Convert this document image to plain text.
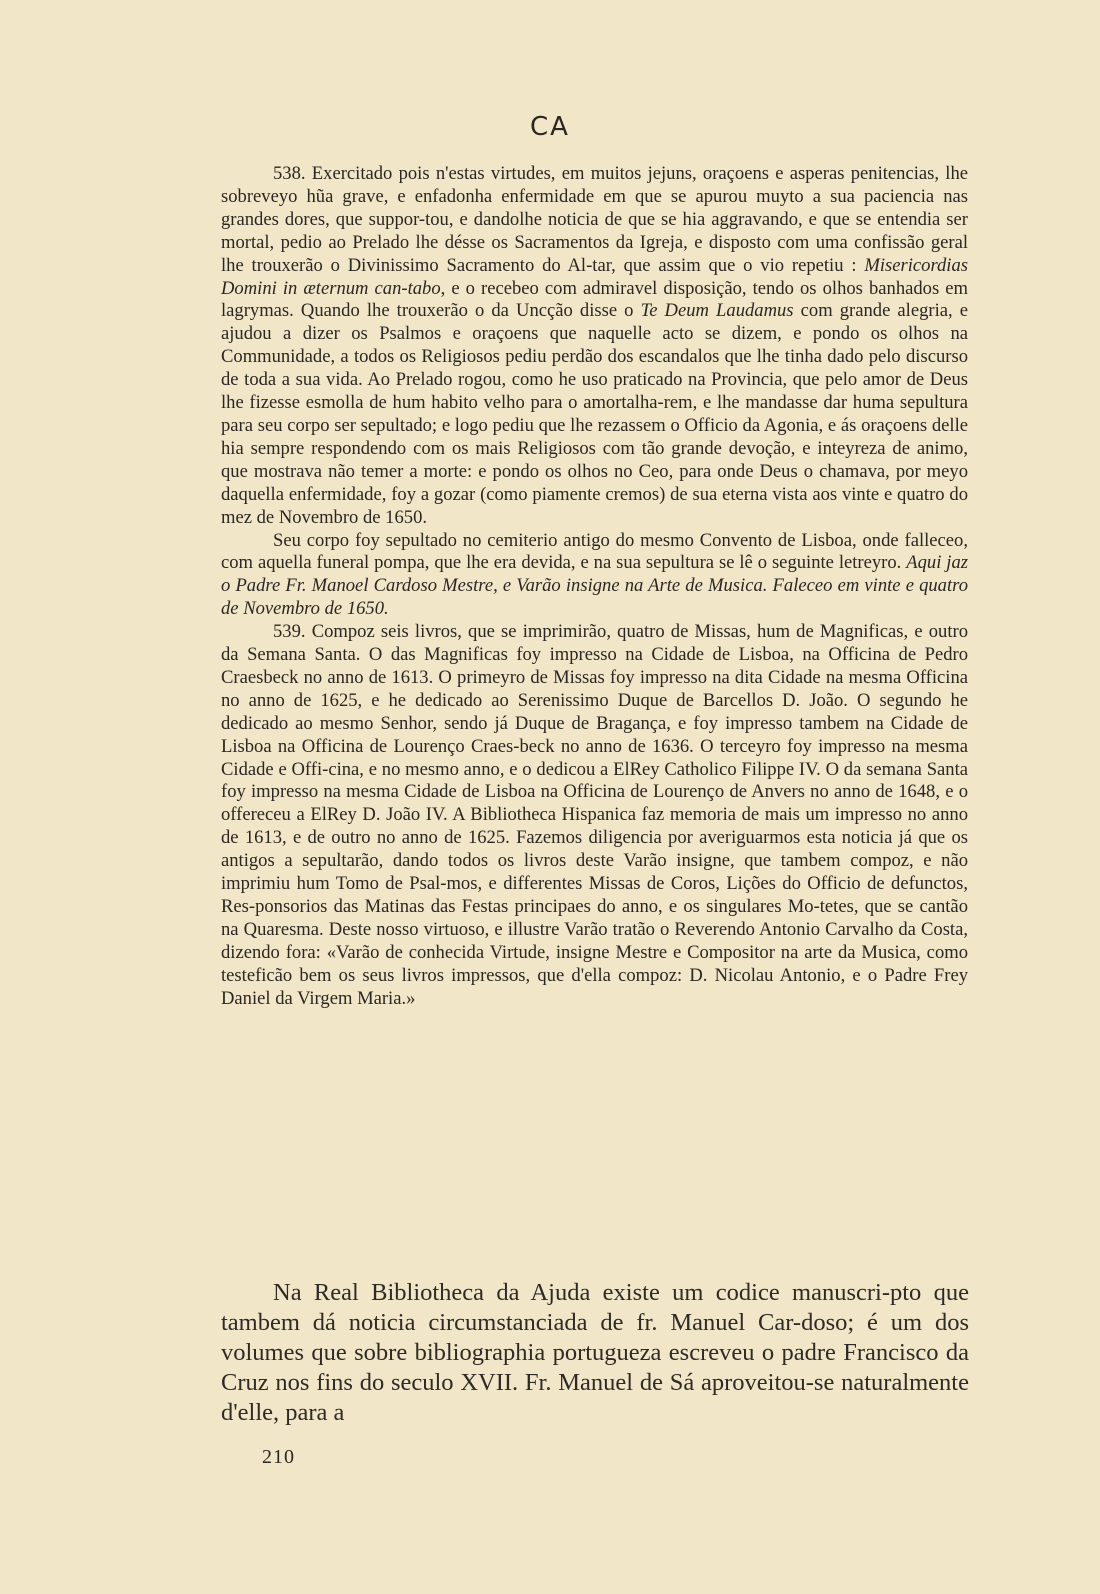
CA

538. Exercitado pois n'estas virtudes, em muitos jejuns, oraçoens e asperas penitencias, lhe sobreveyo hũa grave, e enfadonha enfermidade em que se apurou muyto a sua paciencia nas grandes dores, que suppor-tou, e dandolhe noticia de que se hia aggravando, e que se entendia ser mortal, pedio ao Prelado lhe désse os Sacramentos da Igreja, e disposto com uma confissão geral lhe trouxerão o Divinissimo Sacramento do Al-tar, que assim que o vio repetiu : Misericordias Domini in æternum can-tabo, e o recebeo com admiravel disposição, tendo os olhos banhados em lagrymas. Quando lhe trouxerão o da Uncção disse o Te Deum Laudamus com grande alegria, e ajudou a dizer os Psalmos e oraçoens que naquelle acto se dizem, e pondo os olhos na Communidade, a todos os Religiosos pediu perdão dos escandalos que lhe tinha dado pelo discurso de toda a sua vida. Ao Prelado rogou, como he uso praticado na Provincia, que pelo amor de Deus lhe fizesse esmolla de hum habito velho para o amortalha-rem, e lhe mandasse dar huma sepultura para seu corpo ser sepultado; e logo pediu que lhe rezassem o Officio da Agonia, e ás oraçoens delle hia sempre respondendo com os mais Religiosos com tão grande devoção, e inteyreza de animo, que mostrava não temer a morte: e pondo os olhos no Ceo, para onde Deus o chamava, por meyo daquella enfermidade, foy a gozar (como piamente cremos) de sua eterna vista aos vinte e quatro do mez de Novembro de 1650.

Seu corpo foy sepultado no cemiterio antigo do mesmo Convento de Lisboa, onde falleceo, com aquella funeral pompa, que lhe era devida, e na sua sepultura se lê o seguinte letreyro. Aqui jaz o Padre Fr. Manoel Cardoso Mestre, e Varão insigne na Arte de Musica. Faleceo em vinte e quatro de Novembro de 1650.

539. Compoz seis livros, que se imprimirão, quatro de Missas, hum de Magnificas, e outro da Semana Santa. O das Magnificas foy impresso na Cidade de Lisboa, na Officina de Pedro Craesbeck no anno de 1613. O primeyro de Missas foy impresso na dita Cidade na mesma Officina no anno de 1625, e he dedicado ao Serenissimo Duque de Barcellos D. João. O segundo he dedicado ao mesmo Senhor, sendo já Duque de Bragança, e foy impresso tambem na Cidade de Lisboa na Officina de Lourenço Craes-beck no anno de 1636. O terceyro foy impresso na mesma Cidade e Offi-cina, e no mesmo anno, e o dedicou a ElRey Catholico Filippe IV. O da semana Santa foy impresso na mesma Cidade de Lisboa na Officina de Lourenço de Anvers no anno de 1648, e o offereceu a ElRey D. João IV. A Bibliotheca Hispanica faz memoria de mais um impresso no anno de 1613, e de outro no anno de 1625. Fazemos diligencia por averiguarmos esta noticia já que os antigos a sepultarão, dando todos os livros deste Varão insigne, que tambem compoz, e não imprimiu hum Tomo de Psal-mos, e differentes Missas de Coros, Lições do Officio de defunctos, Res-ponsorios das Matinas das Festas principaes do anno, e os singulares Mo-tetes, que se cantão na Quaresma. Deste nosso virtuoso, e illustre Varão tratão o Reverendo Antonio Carvalho da Costa, dizendo fora: «Varão de conhecida Virtude, insigne Mestre e Compositor na arte da Musica, como testeficão bem os seus livros impressos, que d'ella compoz: D. Nicolau Antonio, e o Padre Frey Daniel da Virgem Maria.»

Na Real Bibliotheca da Ajuda existe um codice manuscri-pto que tambem dá noticia circumstanciada de fr. Manuel Car-doso; é um dos volumes que sobre bibliographia portugueza escreveu o padre Francisco da Cruz nos fins do seculo XVII. Fr. Manuel de Sá aproveitou-se naturalmente d'elle, para a

210
